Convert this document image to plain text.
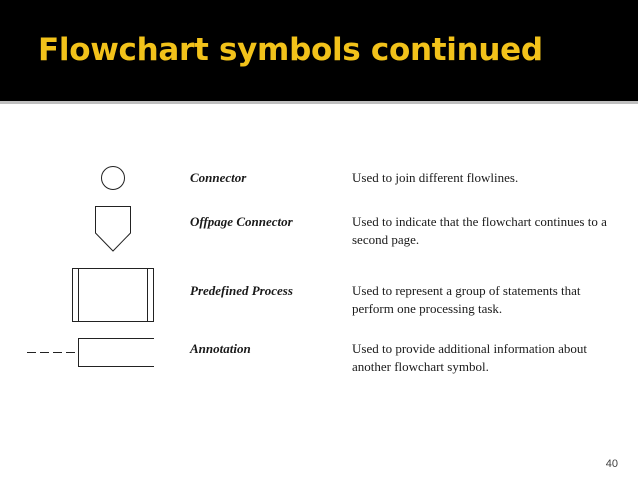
Flowchart symbols continued

Connector	Used to join different flowlines.

Offpage Connector	Used to indicate that the flowchart continues to a second page.

Predefined Process	Used to represent a group of statements that perform one processing task.

Annotation	Used to provide additional information about another flowchart symbol.

40
